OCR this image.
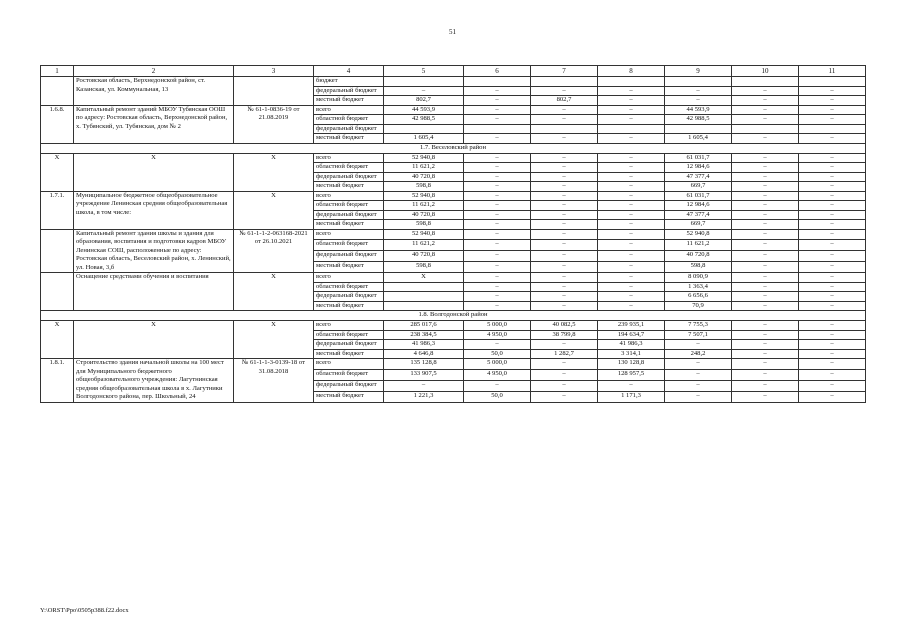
51
1	2	3	4	5	6	7	8	9	10	11
	Ростовская область, Верхнедонской район, ст. Казанская, ул. Коммунальная, 13		бюджет							
			федеральный бюджет	–	–	–	–	–	–	–
			местный бюджет	802,7	–	802,7	–	–	–	–
1.6.8.	Капитальный ремонт зданий МБОУ Тубянская ООШ по адресу: Ростовская область, Верхнедонской район, х. Тубянский, ул. Тубянская, дом № 2	№ 61-1-0836-19 от 21.08.2019	всего	44 593,9	–	–	–	44 593,9	–	–
			областной бюджет	42 988,5	–	–	–	42 988,5	–	–
			федеральный бюджет							
			местный бюджет	1 605,4	–	–	–	1 605,4	–	–
1.7. Веселовский район										
Х	Х	Х	всего	52 940,8	–	–	–	61 031,7	–	–
			областной бюджет	11 621,2	–	–	–	12 984,6	–	–
			федеральный бюджет	40 720,8	–	–	–	47 377,4	–	–
			местный бюджет	598,8	–	–	–	669,7	–	–
1.7.1.	Муниципальное бюджетное общеобразовательное учреждение Ленинская средняя общеобразовательная школа, в том числе:	Х	всего	52 940,8	–	–	–	61 031,7	–	–
			областной бюджет	11 621,2	–	–	–	12 984,6	–	–
			федеральный бюджет	40 720,8	–	–	–	47 377,4	–	–
			местный бюджет	598,8	–	–	–	669,7	–	–
	Капитальный ремонт здания школы и здания для образования, воспитания и подготовки кадров МБОУ Ленинская СОШ, расположенные по адресу: Ростовская область, Веселовский район, х. Ленинский, ул. Новая, 3,б	№ 61-1-1-2-063168-2021 от 26.10.2021	всего	52 940,8	–	–	–	52 940,8	–	–
			областной бюджет	11 621,2	–	–	–	11 621,2	–	–
			федеральный бюджет	40 720,8	–	–	–	40 720,8	–	–
			местный бюджет	598,8	–	–	–	598,8	–	–
	Оснащение средствами обучения и воспитания	Х	всего	Х	–	–	–	8 090,9	–	–
			областной бюджет		–	–	–	1 363,4	–	–
			федеральный бюджет		–	–	–	6 656,6	–	–
			местный бюджет		–	–	–	70,9	–	–
1.8. Волгодонской район										
Х	Х	Х	всего	285 017,6	5 000,0	40 082,5	239 935,1	7 755,3	–	–
			областной бюджет	238 384,5	4 950,0	38 799,8	194 634,7	7 507,1	–	–
			федеральный бюджет	41 986,3	–	–	41 986,3	–	–	–
			местный бюджет	4 646,8	50,0	1 282,7	3 314,1	248,2	–	–
1.8.1.	Строительство здания начальной школы на 100 мест для Муниципального бюджетного общеобразовательного учреждения: Лагутнинская средняя общеобразовательная школа в х. Лагутники Волгодонского района, пер. Школьный, 24	№ 61-1-1-3-0139-18 от 31.08.2018	всего	135 128,8	5 000,0	–	130 128,8	–	–	–
			областной бюджет	133 907,5	4 950,0	–	128 957,5	–	–	–
			федеральный бюджет	–	–	–	–	–	–	–
			местный бюджет	1 221,3	50,0	–	1 171,3	–	–	–
Y:\ORST\Ppo\0505p388.f22.docx
